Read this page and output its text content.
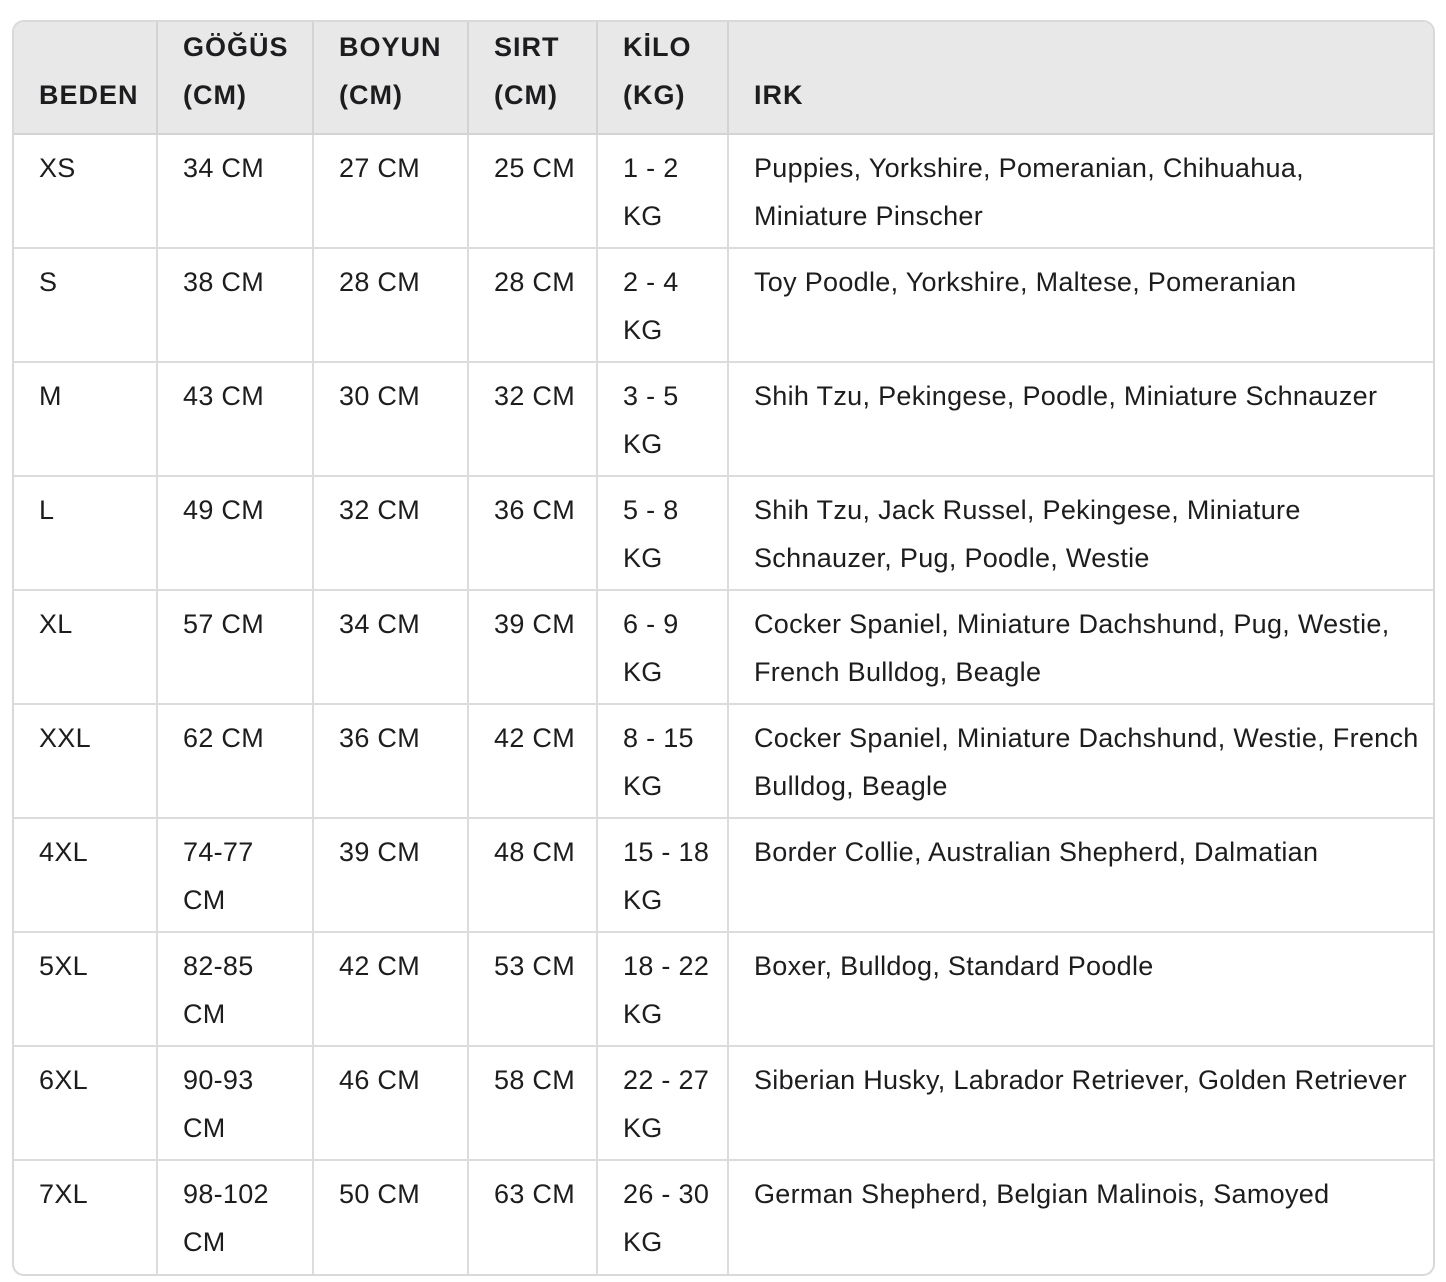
BEDEN	GÖĞÜS (CM)	BOYUN (CM)	SIRT (CM)	KİLO (KG)	IRK
XS	34 CM	27 CM	25 CM	1 - 2 KG	Puppies, Yorkshire, Pomeranian, Chihuahua, Miniature Pinscher
S	38 CM	28 CM	28 CM	2 - 4 KG	Toy Poodle, Yorkshire, Maltese, Pomeranian
M	43 CM	30 CM	32 CM	3 - 5 KG	Shih Tzu, Pekingese, Poodle, Miniature Schnauzer
L	49 CM	32 CM	36 CM	5 - 8 KG	Shih Tzu, Jack Russel, Pekingese, Miniature Schnauzer, Pug, Poodle, Westie
XL	57 CM	34 CM	39 CM	6 - 9 KG	Cocker Spaniel, Miniature Dachshund, Pug, Westie, French Bulldog, Beagle
XXL	62 CM	36 CM	42 CM	8 - 15 KG	Cocker Spaniel, Miniature Dachshund, Westie, French Bulldog, Beagle
4XL	74-77 CM	39 CM	48 CM	15 - 18 KG	Border Collie, Australian Shepherd, Dalmatian
5XL	82-85 CM	42 CM	53 CM	18 - 22 KG	Boxer, Bulldog, Standard Poodle
6XL	90-93 CM	46 CM	58 CM	22 - 27 KG	Siberian Husky, Labrador Retriever, Golden Retriever
7XL	98-102 CM	50 CM	63 CM	26 - 30 KG	German Shepherd, Belgian Malinois, Samoyed
